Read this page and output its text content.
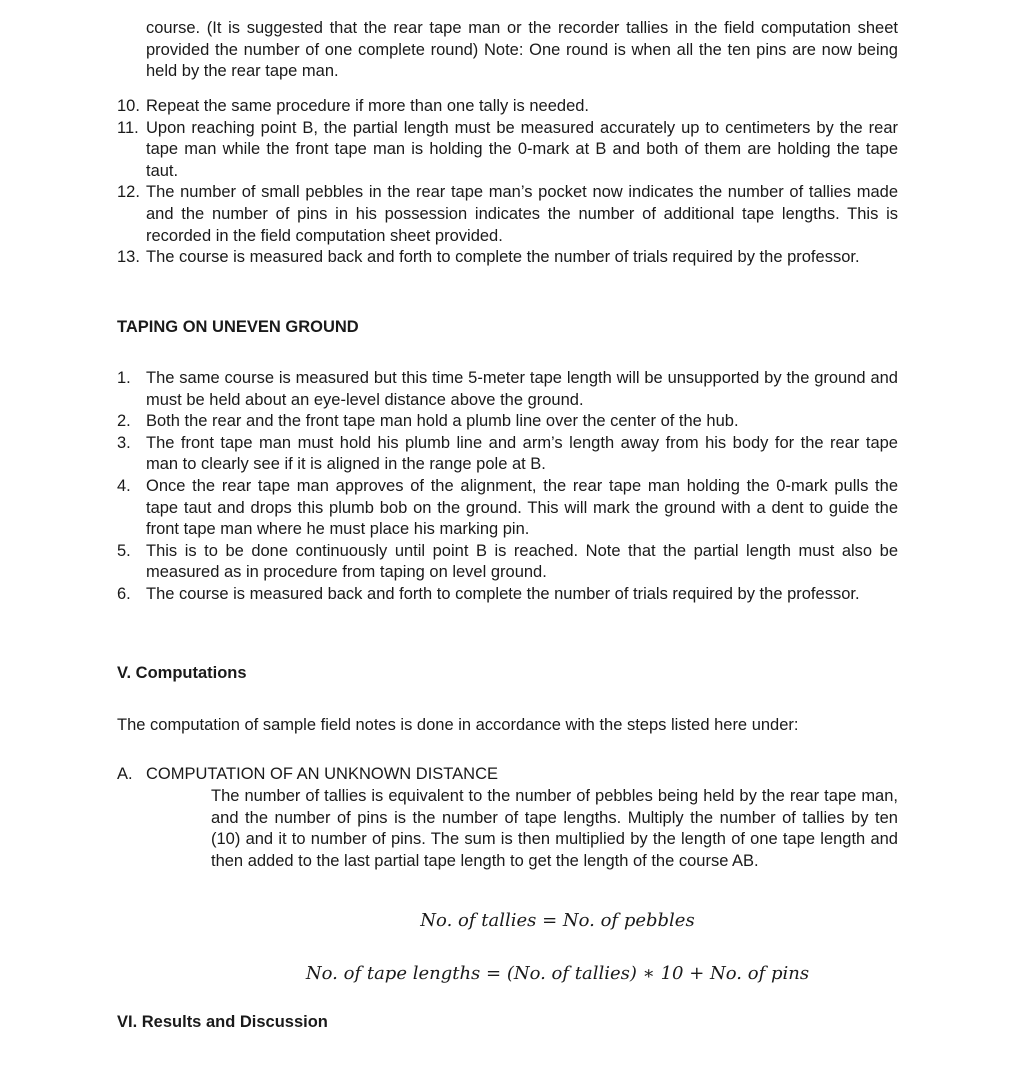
course. (It is suggested that the rear tape man or the recorder tallies in the field computation sheet provided the number of one complete round) Note: One round is when all the ten pins are now being held by the rear tape man.

10. Repeat the same procedure if more than one tally is needed.
11. Upon reaching point B, the partial length must be measured accurately up to centimeters by the rear tape man while the front tape man is holding the 0-mark at B and both of them are holding the tape taut.
12. The number of small pebbles in the rear tape man’s pocket now indicates the number of tallies made and the number of pins in his possession indicates the number of additional tape lengths. This is recorded in the field computation sheet provided.
13. The course is measured back and forth to complete the number of trials required by the professor.
TAPING ON UNEVEN GROUND
1. The same course is measured but this time 5-meter tape length will be unsupported by the ground and must be held about an eye-level distance above the ground.
2. Both the rear and the front tape man hold a plumb line over the center of the hub.
3. The front tape man must hold his plumb line and arm’s length away from his body for the rear tape man to clearly see if it is aligned in the range pole at B.
4. Once the rear tape man approves of the alignment, the rear tape man holding the 0-mark pulls the tape taut and drops this plumb bob on the ground. This will mark the ground with a dent to guide the front tape man where he must place his marking pin.
5. This is to be done continuously until point B is reached. Note that the partial length must also be measured as in procedure from taping on level ground.
6. The course is measured back and forth to complete the number of trials required by the professor.
V. Computations

The computation of sample field notes is done in accordance with the steps listed here under:

A. COMPUTATION OF AN UNKNOWN DISTANCE

The number of tallies is equivalent to the number of pebbles being held by the rear tape man, and the number of pins is the number of tape lengths. Multiply the number of tallies by ten (10) and it to number of pins. The sum is then multiplied by the length of one tape length and then added to the last partial tape length to get the length of the course AB.

No. of tallies = No. of pebbles
No. of tape lengths = (No. of tallies) ∗ 10 + No. of pins
VI. Results and Discussion
